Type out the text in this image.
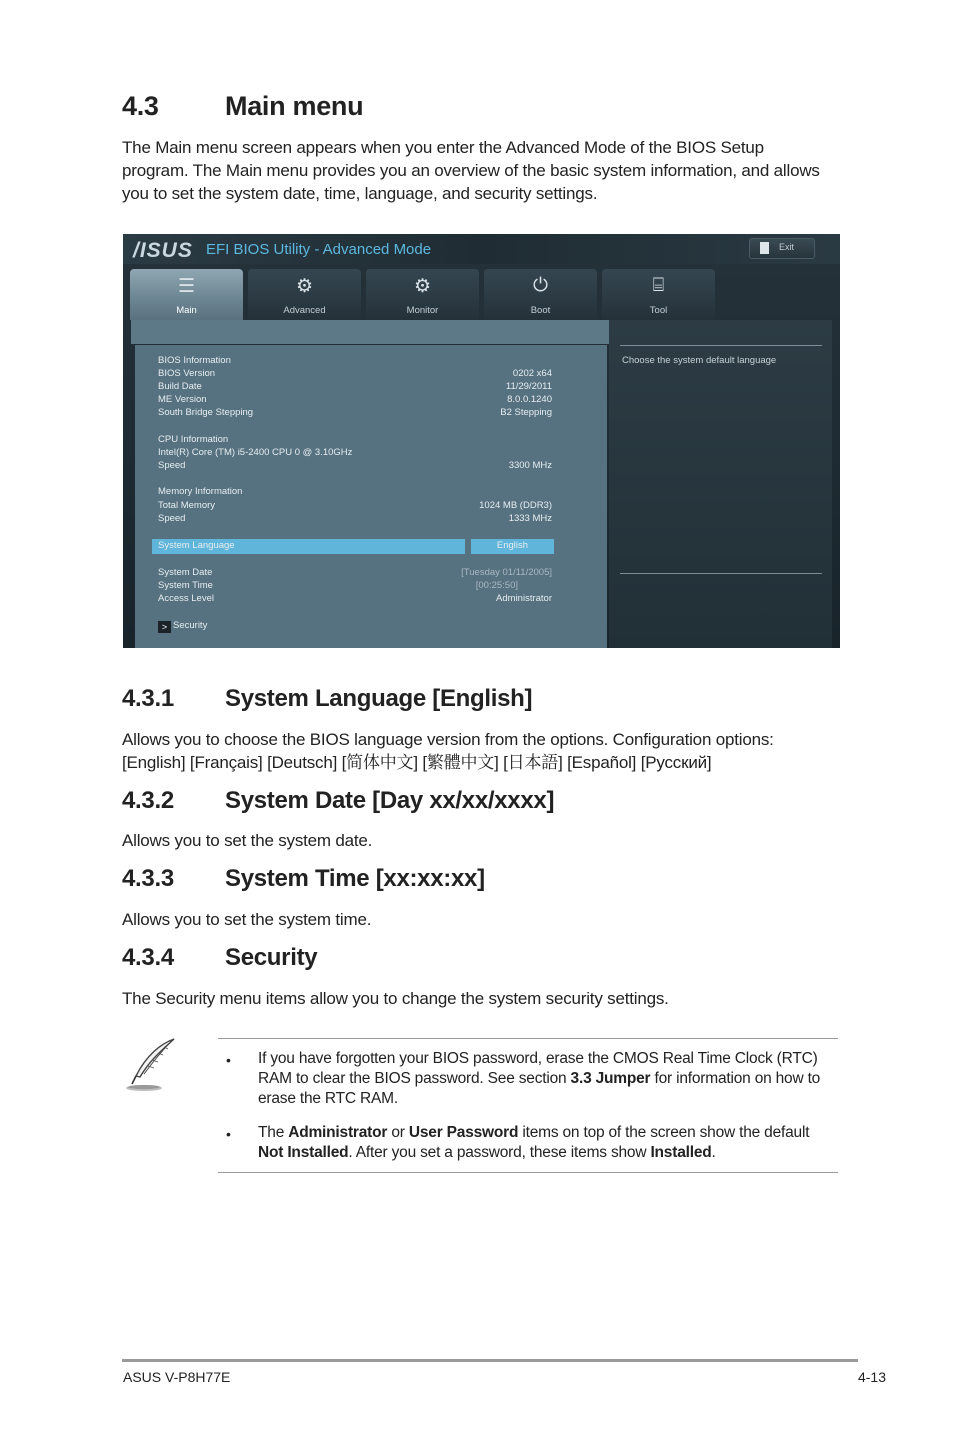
4.3 Main menu

The Main menu screen appears when you enter the Advanced Mode of the BIOS Setup program. The Main menu provides you an overview of the basic system information, and allows you to set the system date, time, language, and security settings.

/ISUS EFI BIOS Utility - Advanced Mode	Exit
☰
Main
⚙
Advanced
⚙
Monitor
⏻
Boot
⌸
Tool
Choose the system default language
BIOS Information
BIOS Version	0202 x64
Build Date	11/29/2011
ME Version	8.0.0.1240
South Bridge Stepping	B2 Stepping
CPU Information
Intel(R) Core (TM) i5-2400 CPU 0 @ 3.10GHz
Speed	3300 MHz
Memory Information
Total Memory	1024 MB (DDR3)
Speed	1333 MHz
System Language	English
System Date	[Tuesday 01/11/2005]
System Time	[00:25:50]
Access Level	Administrator
> Security
4.3.1 System Language [English]

Allows you to choose the BIOS language version from the options. Configuration options:

[English] [Français] [Deutsch] [简体中文] [繁體中文] [日本語] [Español] [Русский]

4.3.2 System Date [Day xx/xx/xxxx]

Allows you to set the system date.

4.3.3 System Time [xx:xx:xx]

Allows you to set the system time.

4.3.4 Security

The Security menu items allow you to change the system security settings.

• If you have forgotten your BIOS password, erase the CMOS Real Time Clock (RTC) RAM to clear the BIOS password. See section 3.3 Jumper for information on how to erase the RTC RAM.

• The Administrator or User Password items on top of the screen show the default Not Installed. After you set a password, these items show Installed.

ASUS V-P8H77E	4-13
